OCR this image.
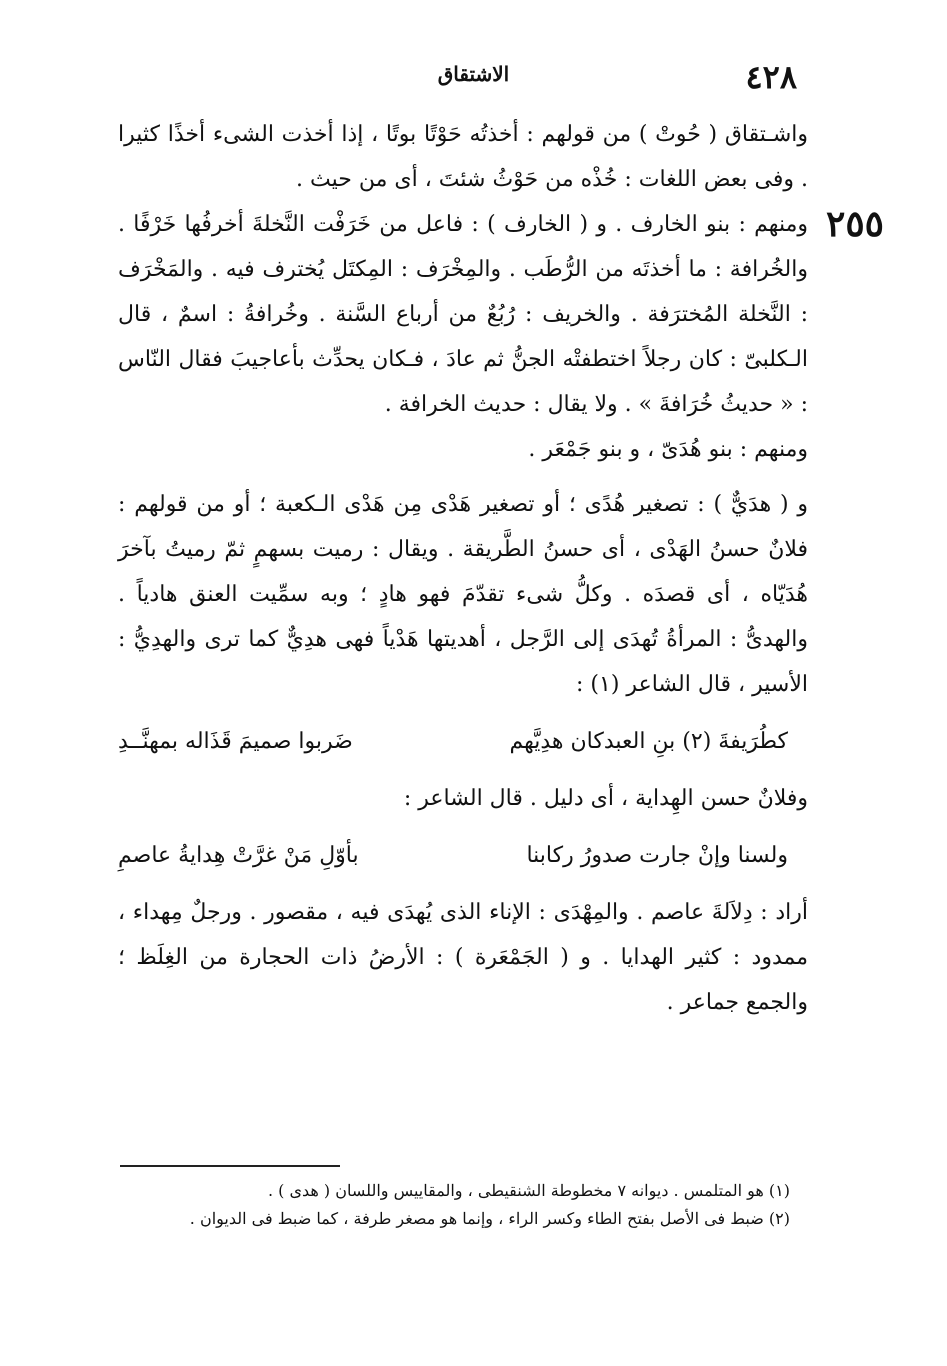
٤٢٨
الاشتقاق

واشـتقاق ( حُوتْ ) من قولهم : أخذتُه حَوْتًا بوتًا ، إذا أخذت الشىء أخذًا كثيرا . وفى بعض اللغات : خُذْه من حَوْثُ شئتَ ، أى من حيث .

٢٥٥

ومنهم : بنو الخارف . و ( الخارف ) : فاعل من خَرَفْت النَّخلةَ أخرفُها خَرْفًا . والخُرافة : ما أخذتَه من الرُّطَب . والمِخْرَف : المِكتَل يُخترف فيه . والمَخْرَف : النَّخلة المُخترَفة . والخريف : رُبُعٌ من أرباع السَّنة . وخُرافةُ : اسمٌ ، قال الـكلبىّ : كان رجلاً اختطفتْه الجنُّ ثم عادَ ، فـكان يحدِّث بأعاجيبَ فقال النّاس : « حديثُ خُرَافةَ » . ولا يقال : حديث الخرافة .

ومنهم : بنو هُدَىّ ، و بنو جَمْعَر .

و ( هدَيٌّ ) : تصغير هُدًى ؛ أو تصغير هَدْى مِن هَدْى الـكعبة ؛ أو من قولهم : فلانٌ حسنُ الهَدْى ، أى حسنُ الطَّريقة . ويقال : رميت بسهمٍ ثمّ رميتُ بآخرَ هُدَيّاه ، أى قصدَه . وكلُّ شىء تقدّمَ فهو هادٍ ؛ وبه سمِّيت العنق هادياً . والهدىُّ : المرأةُ تُهدَى إلى الرَّجل ، أهديتها هَدْياً فهى هدِيٌّ كما ترى والهدِيُّ : الأسير ، قال الشاعر (١) :

كطُرَيفةَ (٢) بنِ العبدكان هدِيَّهم
ضَربوا صميمَ قَذَاله بمهنَّــدِ

وفلانٌ حسن الهِداية ، أى دليل . قال الشاعر :

ولسنا وإنْ جارت صدورُ ركابنا
بأوّلِ مَنْ غرَّتْ هِدايةُ عاصمِ

أراد : دِلاَلةَ عاصم . والمِهْدَى : الإناء الذى يُهدَى فيه ، مقصور . ورجلٌ مِهداء ، ممدود : كثير الهدايا . و ( الجَمْعَرة ) : الأرضُ ذات الحجارة من الغِلَظ ؛ والجمع جماعر .

(١) هو المتلمس . ديوانه ٧ مخطوطة الشنقيطى ، والمقاييس واللسان ( هدى ) .

(٢) ضبط فى الأصل بفتح الطاء وكسر الراء ، وإنما هو مصغر طرفة ، كما ضبط فى الديوان .
